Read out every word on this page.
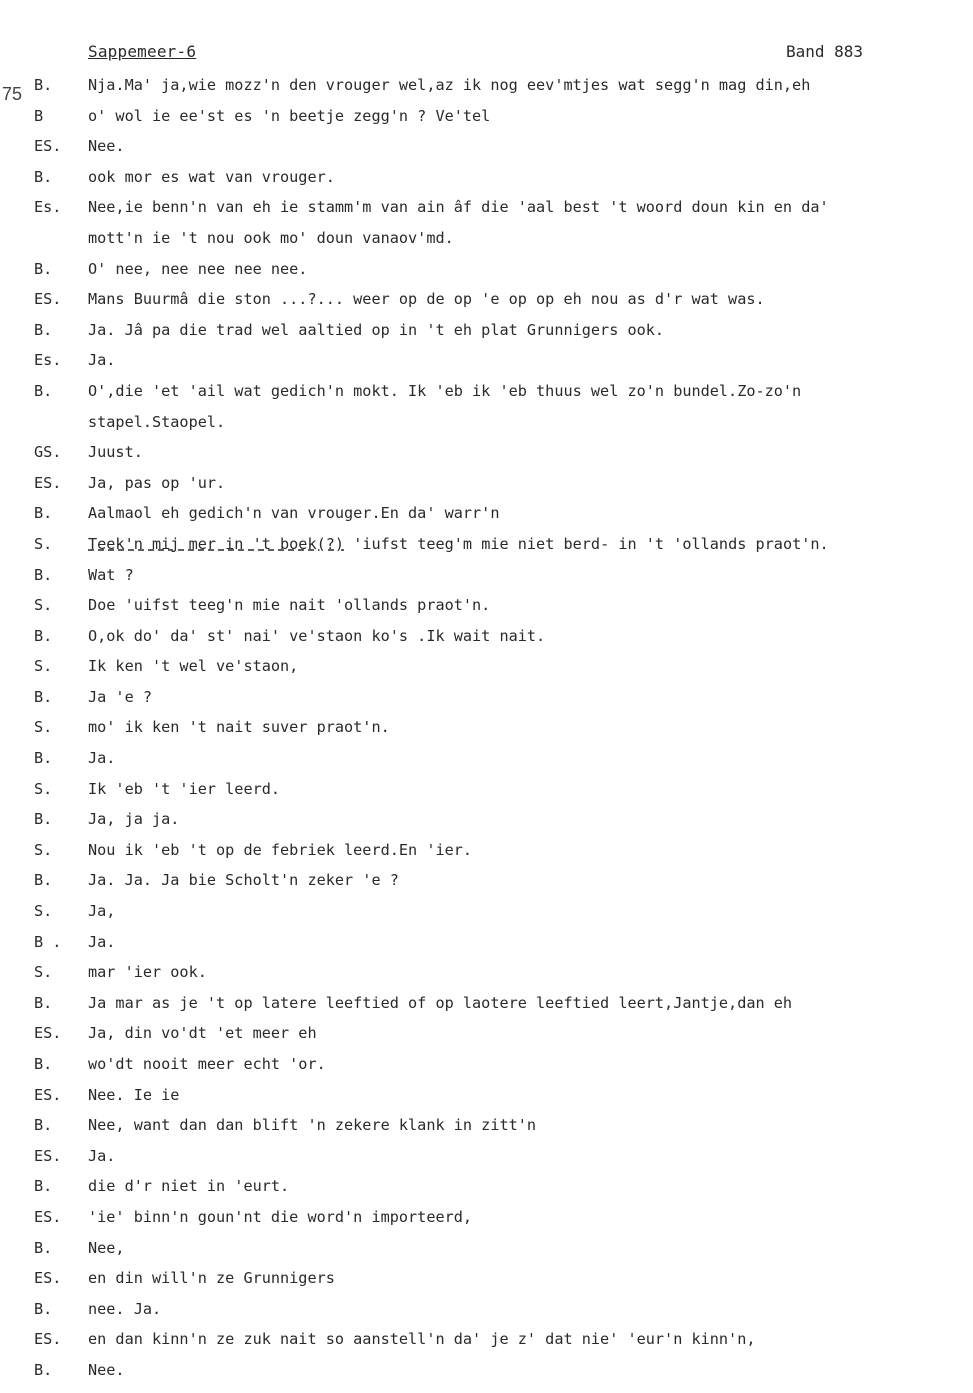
Sappemeer-6	Band 883
75 B. Nja.Ma' ja,wie mozz'n den vrouger wel,az ik nog eev'mtjes wat segg'n mag din,eh
B	o' wol ie ee'st es 'n beetje zegg'n ? Ve'tel
ES. Nee.
B. ook mor es wat van vrouger.
Es. Nee,ie benn'n van eh ie stamm'm van ain âf die 'aal best 't woord doun kin en da'
mott'n ie 't nou ook mo' doun vanaov'md.
B. O' nee, nee nee nee nee.
ES. Mans Buurmâ die ston ...?... weer op de op 'e op op eh nou as d'r wat was.
B. Ja. Jâ pa die trad wel aaltied op in 't eh plat Grunnigers ook.
Es. Ja.
B. O',die 'et 'ail wat gedich'n mokt. Ik 'eb ik 'eb thuus wel zo'n bundel.Zo-zo'n
stapel.Staopel.
GS. Juust.
ES. Ja, pas op 'ur.
B. Aalmaol eh gedich'n van vrouger.En da' warr'n
S. Teek'n mij mer in 't boek(?) 'iufst teeg'm mie niet berd- in 't 'ollands praot'n.
B. Wat ?
S. Doe 'uifst teeg'n mie nait 'ollands praot'n.
B. O,ok do' da' st' nai' ve'staon ko's .Ik wait nait.
S. Ik ken 't wel ve'staon,
B. Ja 'e ?
S. mo' ik ken 't nait suver praot'n.
B. Ja.
S. Ik 'eb 't 'ier leerd.
B. Ja, ja ja.
S. Nou ik 'eb 't op de febriek leerd.En 'ier.
B. Ja. Ja. Ja bie Scholt'n zeker 'e ?
S. Ja,
B . Ja.
S. mar 'ier ook.
B. Ja mar as je 't op latere leeftied of op laotere leeftied leert,Jantje,dan eh
ES. Ja, din vo'dt 'et meer eh
B. wo'dt nooit meer echt 'or.
ES. Nee. Ie ie
B. Nee, want dan dan blift 'n zekere klank in zitt'n
ES. Ja.
B. die d'r niet in 'eurt.
ES. 'ie' binn'n goun'nt die word'n importeerd,
B. Nee,
ES. en din will'n ze Grunnigers
B. nee. Ja.
ES. en dan kinn'n ze zuk nait so aanstell'n da' je z' dat nie' 'eur'n kinn'n,
B. Nee.
